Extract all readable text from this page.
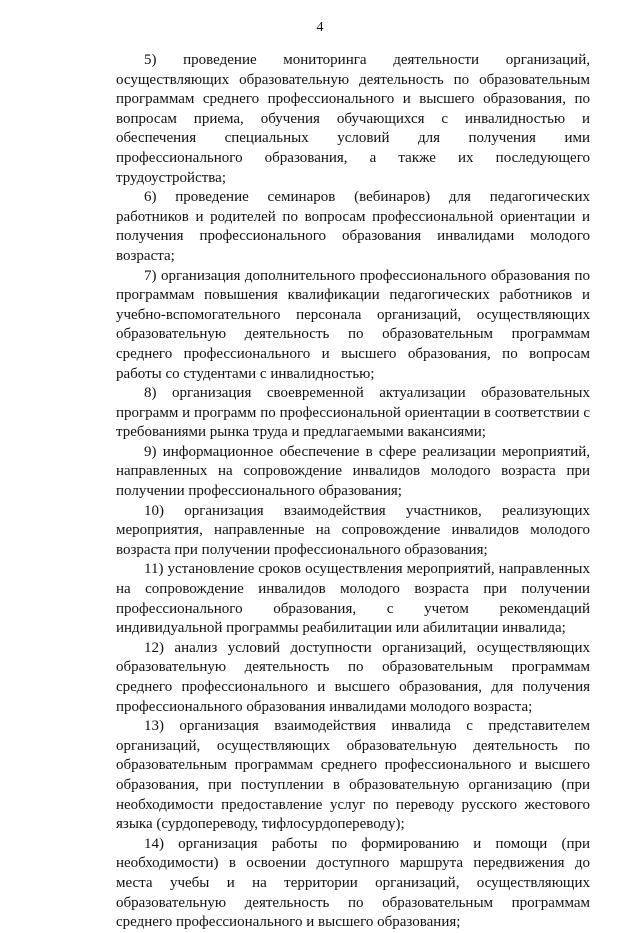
4

5) проведение мониторинга деятельности организаций, осуществляющих образовательную деятельность по образовательным программам среднего профессионального и высшего образования, по вопросам приема, обучения обучающихся с инвалидностью и обеспечения специальных условий для получения ими профессионального образования, а также их последующего трудоустройства;

6) проведение семинаров (вебинаров) для педагогических работников и родителей по вопросам профессиональной ориентации и получения профессионального образования инвалидами молодого возраста;

7) организация дополнительного профессионального образования по программам повышения квалификации педагогических работников и учебно-вспомогательного персонала организаций, осуществляющих образовательную деятельность по образовательным программам среднего профессионального и высшего образования, по вопросам работы со студентами с инвалидностью;

8) организация своевременной актуализации образовательных программ и программ по профессиональной ориентации в соответствии с требованиями рынка труда и предлагаемыми вакансиями;

9) информационное обеспечение в сфере реализации мероприятий, направленных на сопровождение инвалидов молодого возраста при получении профессионального образования;

10) организация взаимодействия участников, реализующих мероприятия, направленные на сопровождение инвалидов молодого возраста при получении профессионального образования;

11) установление сроков осуществления мероприятий, направленных на сопровождение инвалидов молодого возраста при получении профессионального образования, с учетом рекомендаций индивидуальной программы реабилитации или абилитации инвалида;

12) анализ условий доступности организаций, осуществляющих образовательную деятельность по образовательным программам среднего профессионального и высшего образования, для получения профессионального образования инвалидами молодого возраста;

13) организация взаимодействия инвалида с представителем организаций, осуществляющих образовательную деятельность по образовательным программам среднего профессионального и высшего образования, при поступлении в образовательную организацию (при необходимости предоставление услуг по переводу русского жестового языка (сурдопереводу, тифлосурдопереводу);

14) организация работы по формированию и помощи (при необходимости) в освоении доступного маршрута передвижения до места учебы и на территории организаций, осуществляющих образовательную деятельность по образовательным программам среднего профессионального и высшего образования;
